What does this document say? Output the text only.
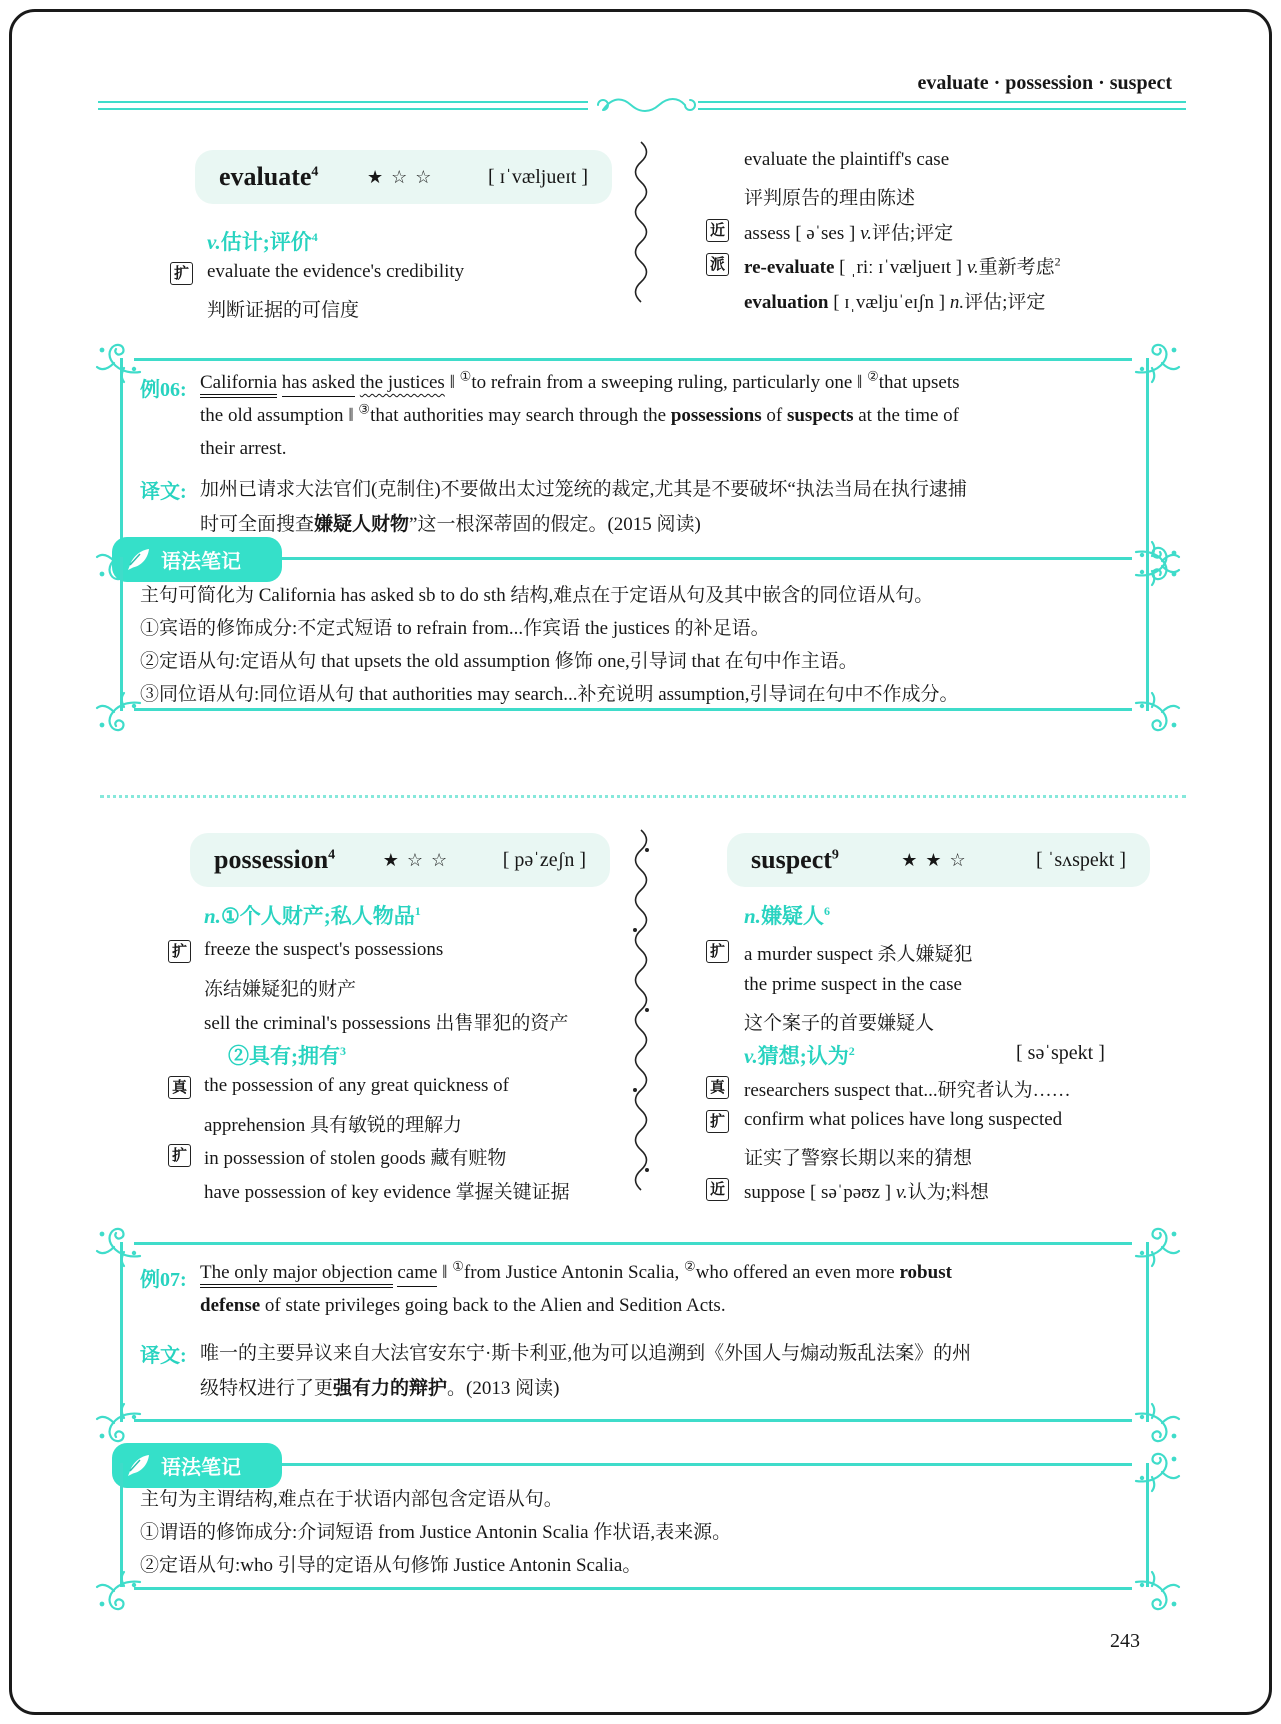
evaluate · possession · suspect
evaluate$^4$	★☆☆ [ ɪˈvæljueɪt ]
v.估计;评价$^4$
扩 evaluate the evidence's credibility
判断证据的可信度
evaluate the plaintiff's case
评判原告的理由陈述
近 assess [ əˈses ] v.评估;评定
派 re-evaluate [ ˌriː ɪˈvæljueɪt ] v.重新考虑$^2$
evaluation [ ɪˌvæljuˈeɪʃn ] n.评估;评定
例06: California has asked the justices ‖ ①to refrain from a sweeping ruling, particularly one ‖ ②that upsets
the old assumption ‖ ③that authorities may search through the possessions of suspects at the time of
their arrest.
译文: 加州已请求大法官们(克制住)不要做出太过笼统的裁定,尤其是不要破坏“执法当局在执行逮捕
时可全面搜查嫌疑人财物”这一根深蒂固的假定。(2015 阅读)
语法笔记
主句可简化为 California has asked sb to do sth 结构,难点在于定语从句及其中嵌含的同位语从句。
①宾语的修饰成分:不定式短语 to refrain from...作宾语 the justices 的补足语。
②定语从句:定语从句 that upsets the old assumption 修饰 one,引导词 that 在句中作主语。
③同位语从句:同位语从句 that authorities may search...补充说明 assumption,引导词在句中不作成分。
possession$^4$	★☆☆ [ pəˈzeʃn ]
n.①个人财产;私人物品$^1$
扩 freeze the suspect's possessions
冻结嫌疑犯的财产
sell the criminal's possessions 出售罪犯的资产
②具有;拥有$^3$
真 the possession of any great quickness of
apprehension 具有敏锐的理解力
扩 in possession of stolen goods 藏有赃物
have possession of key evidence 掌握关键证据
suspect$^9$	★★☆	[ ˈsʌspekt ]
n.嫌疑人$^6$
扩 a murder suspect 杀人嫌疑犯
the prime suspect in the case
这个案子的首要嫌疑人
v.猜想;认为$^2$	[ səˈspekt ]
真 researchers suspect that...研究者认为……
扩 confirm what polices have long suspected
证实了警察长期以来的猜想
近 suppose [ səˈpəʊz ] v.认为;料想
例07: The only major objection came ‖ ①from Justice Antonin Scalia, ②who offered an even more robust
defense of state privileges going back to the Alien and Sedition Acts.
译文: 唯一的主要异议来自大法官安东宁·斯卡利亚,他为可以追溯到《外国人与煽动叛乱法案》的州
级特权进行了更强有力的辩护。(2013 阅读)
语法笔记
主句为主谓结构,难点在于状语内部包含定语从句。
①谓语的修饰成分:介词短语 from Justice Antonin Scalia 作状语,表来源。
②定语从句:who 引导的定语从句修饰 Justice Antonin Scalia。
243
